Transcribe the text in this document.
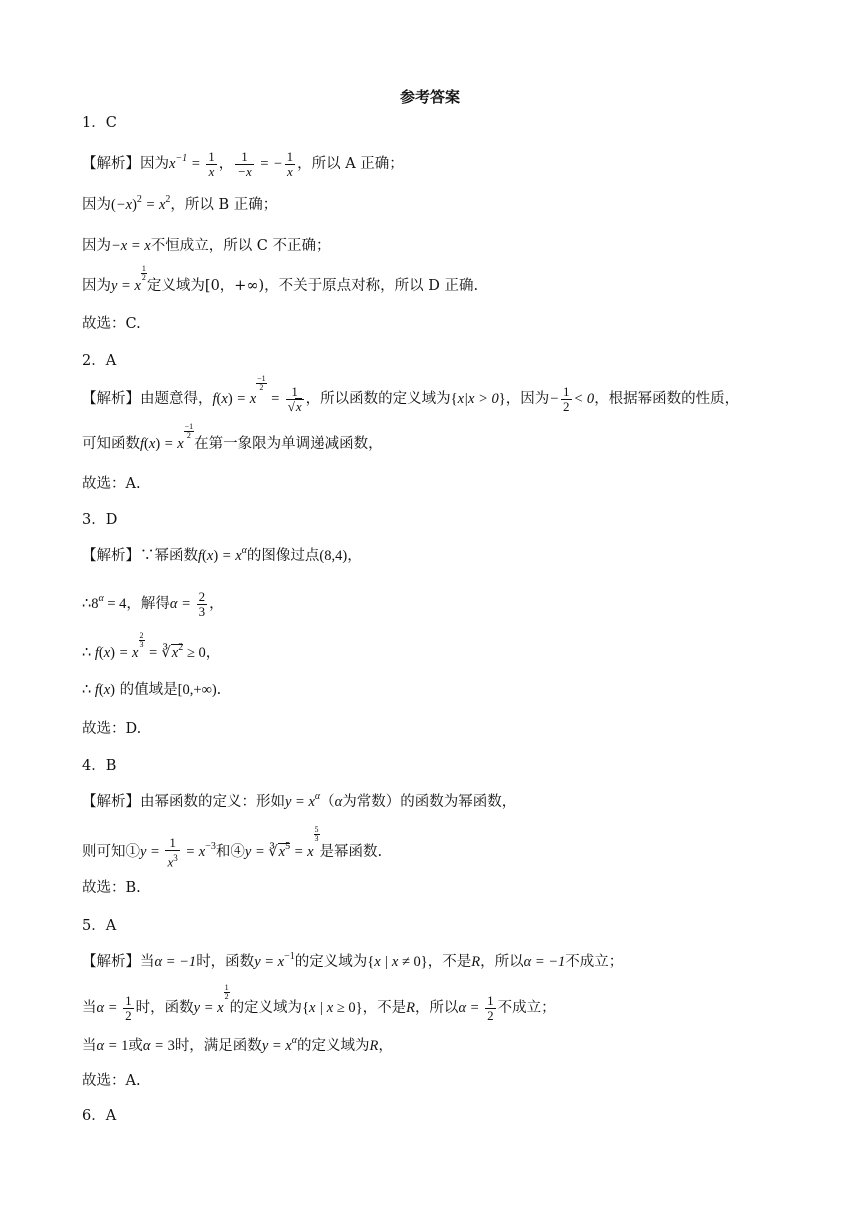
参考答案
1．C
【解析】因为$x^{-1} = \frac{1}{x}$ ， $\frac{1}{-x}$ = − $\frac{1}{x}$ ，所以 A 正确；
因为$(-x)^2 = x^2$，所以 B 正确；
因为−x = x不恒成立，所以 C 不正确；
因为y = x
$\frac{1}{2}$
定义域为[0，+∞)，不关于原点对称，所以 D 正确.
故选：C.
2．A
【解析】由题意得，f(x) = x
$\frac{-1}{2}$
= $\frac{1}{√x}$ ，所以函数的定义域为{x|x > 0}，因为− $\frac{1}{2} < 0$，根据幂函数的性质，
可知函数f(x) = x
$\frac{-1}{2}$
在第一象限为单调递减函数，
故选：A.
3．D
【解析】∵幂函数$f(x) = x^\alpha$的图像过点(8,4)，
$\therefore 8^\alpha = 4$，解得$\alpha = \frac{2}{3}$ ，
∴ f(x) = x
$\frac{2}{3}$
= $∛x^2 \ge 0$，
∴ f(x) 的值域是[0,+∞).
故选：D.
4．B
【解析】由幂函数的定义：形如$y = x^\alpha(\alpha$为常数）的函数为幂函数，
则可知①y = $\frac{1}{x^3} = x^{-3}$和④y = $∛x^5 = x$
$\frac{5}{3}$
是幂函数.
故选：B.
5．A
【解析】当α = −1时，函数$y = x^{-1}$的定义域为{x | x ≠ 0}，不是R，所以α = −1不成立；
当$\alpha = \frac{1}{2}$ 时，函数y = x
$\frac{1}{2}$
的定义域为{x | x ≥ 0}，不是R，所以$\alpha = \frac{1}{2}$ 不成立；
当α = 1或α = 3时，满足函数$y = x^\alpha$的定义域为R，
故选：A.
6．A
